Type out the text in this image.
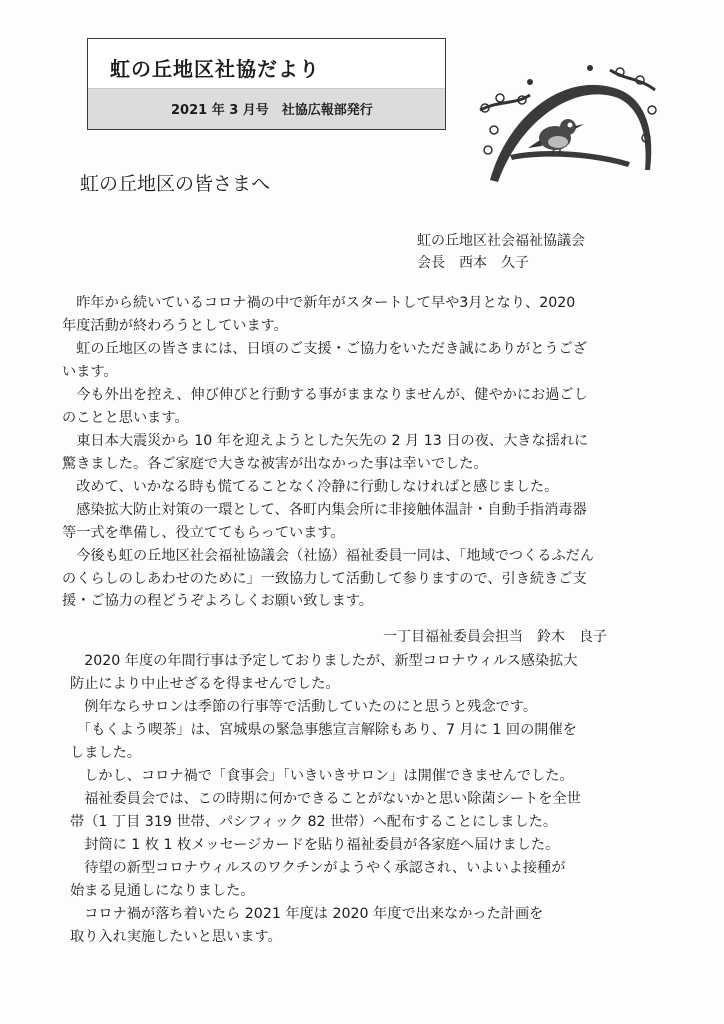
虹の丘地区社協だより
2021 年 3 月号　社協広報部発行
虹の丘地区の皆さまへ
虹の丘地区社会福祉協議会
会長　西本　久子
　昨年から続いているコロナ禍の中で新年がスタートして早や3月となり、2020
年度活動が終わろうとしています。
　虹の丘地区の皆さまには、日頃のご支援・ご協力をいただき誠にありがとうござ
います。
　今も外出を控え、伸び伸びと行動する事がままなりませんが、健やかにお過ごし
のことと思います。
　東日本大震災から 10 年を迎えようとした矢先の 2 月 13 日の夜、大きな揺れに
驚きました。各ご家庭で大きな被害が出なかった事は幸いでした。
　改めて、いかなる時も慌てることなく冷静に行動しなければと感じました。
　感染拡大防止対策の一環として、各町内集会所に非接触体温計・自動手指消毒器
等一式を準備し、役立ててもらっています。
　今後も虹の丘地区社会福祉協議会（社協）福祉委員一同は、「地域でつくるふだん
のくらしのしあわせのために」一致協力して活動して参りますので、引き続きご支
援・ご協力の程どうぞよろしくお願い致します。
一丁目福祉委員会担当　鈴木　良子
　2020 年度の年間行事は予定しておりましたが、新型コロナウィルス感染拡大
防止により中止せざるを得ませんでした。
　例年ならサロンは季節の行事等で活動していたのにと思うと残念です。
　「もくよう喫茶」は、宮城県の緊急事態宣言解除もあり、7 月に 1 回の開催を
しました。
　しかし、コロナ禍で「食事会」「いきいきサロン」は開催できませんでした。
　福祉委員会では、この時期に何かできることがないかと思い除菌シートを全世
帯（1 丁目 319 世帯、パシフィック 82 世帯）へ配布することにしました。
　封筒に 1 枚 1 枚メッセージカードを貼り福祉委員が各家庭へ届けました。
　待望の新型コロナウィルスのワクチンがようやく承認され、いよいよ接種が
始まる見通しになりました。
　コロナ禍が落ち着いたら 2021 年度は 2020 年度で出来なかった計画を
取り入れ実施したいと思います。
